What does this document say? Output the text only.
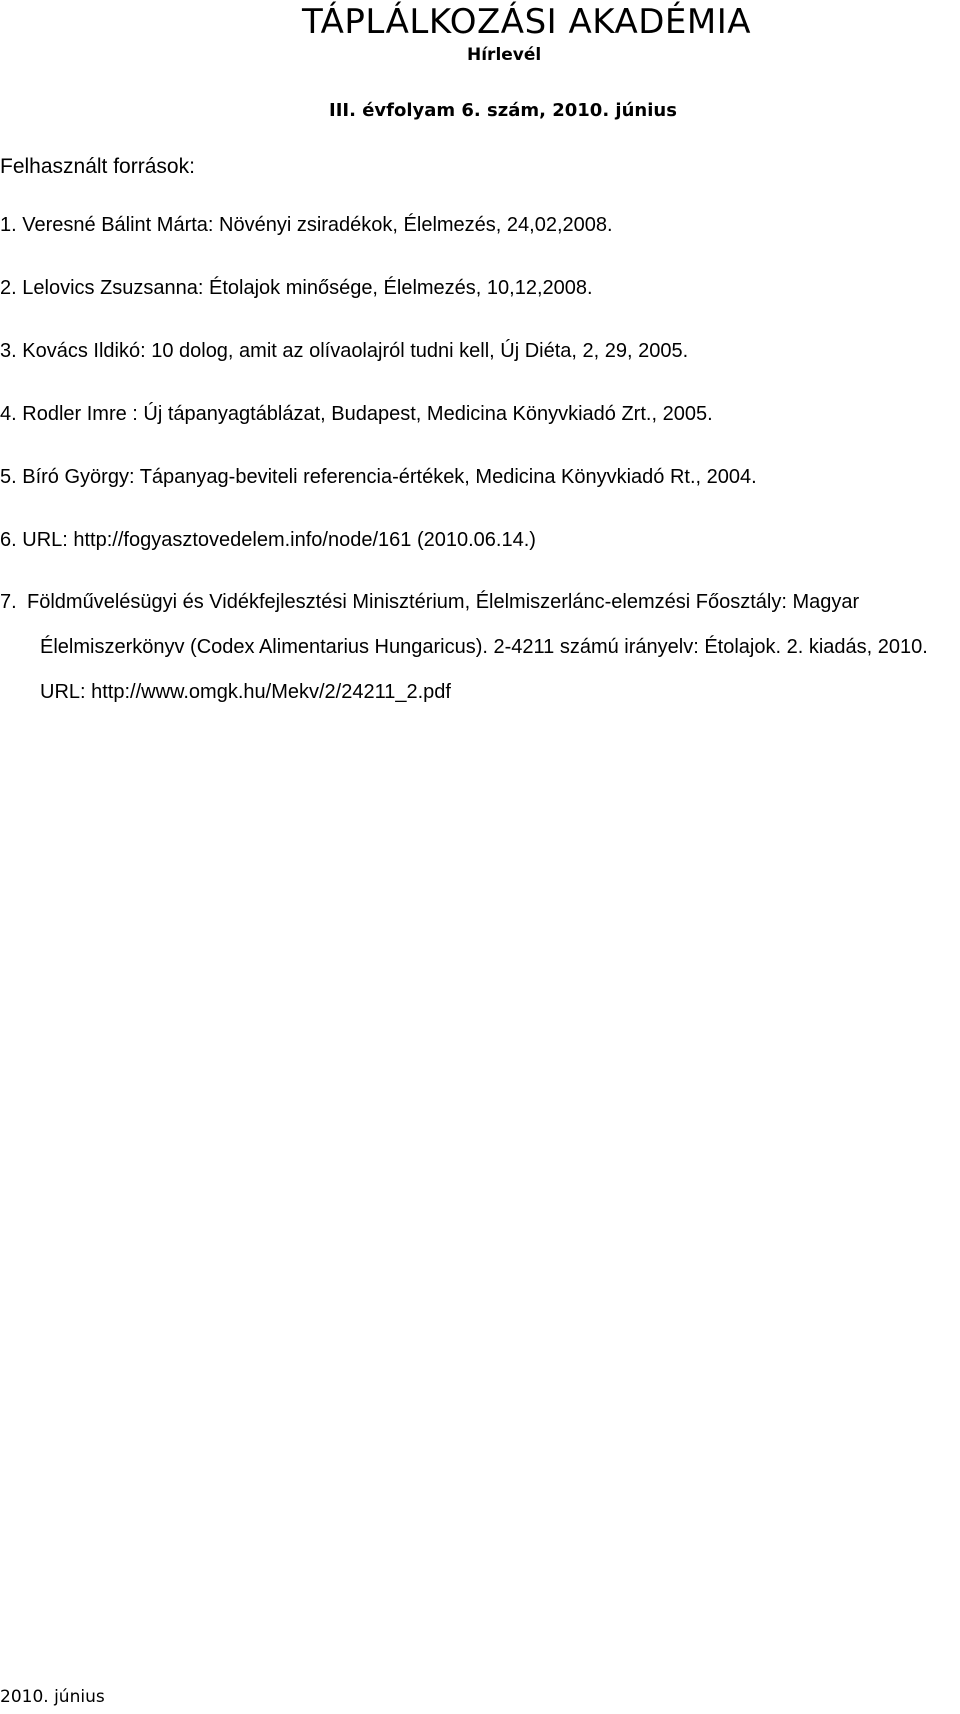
TÁPLÁLKOZÁSI AKADÉMIA
Hírlevél
III. évfolyam 6. szám, 2010. június
Felhasznált források:
1. Veresné Bálint Márta: Növényi zsiradékok, Élelmezés, 24,02,2008.
2. Lelovics Zsuzsanna: Étolajok minősége, Élelmezés, 10,12,2008.
3. Kovács Ildikó: 10 dolog, amit az olívaolajról tudni kell, Új Diéta, 2, 29, 2005.
4. Rodler Imre : Új tápanyagtáblázat, Budapest, Medicina Könyvkiadó Zrt., 2005.
5. Bíró György: Tápanyag-beviteli referencia-értékek, Medicina Könyvkiadó Rt., 2004.
6. URL: http://fogyasztovedelem.info/node/161 (2010.06.14.)
7. Földművelésügyi és Vidékfejlesztési Minisztérium, Élelmiszerlánc-elemzési Főosztály: Magyar Élelmiszerkönyv (Codex Alimentarius Hungaricus). 2-4211 számú irányelv: Étolajok. 2. kiadás, 2010. URL: http://www.omgk.hu/Mekv/2/24211_2.pdf
2010. június
